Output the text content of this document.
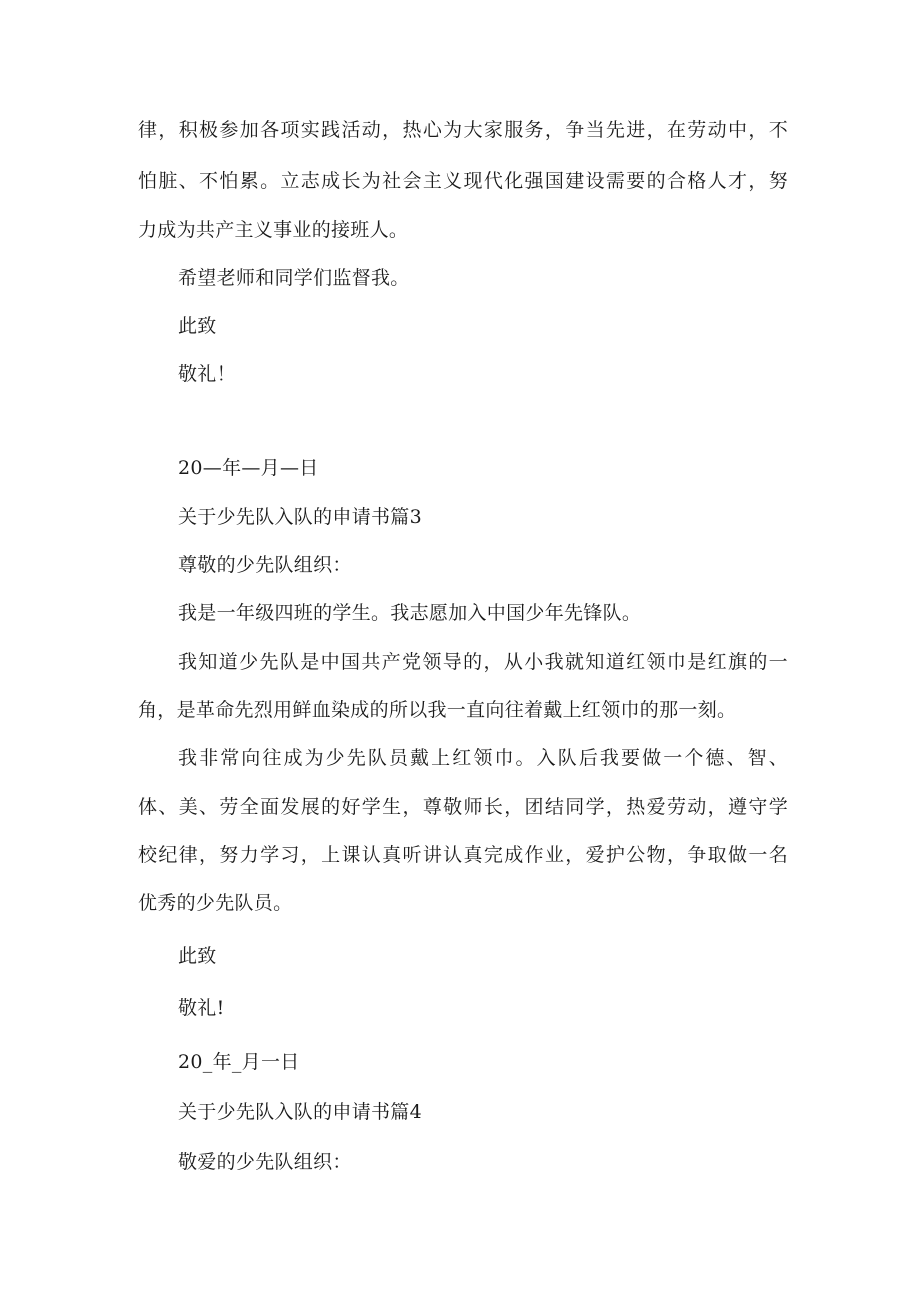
律，积极参加各项实践活动，热心为大家服务，争当先进，在劳动中，不
怕脏、不怕累。立志成长为社会主义现代化强国建设需要的合格人才，努
力成为共产主义事业的接班人。
希望老师和同学们监督我。
此致
敬礼！
20—年—月—日
关于少先队入队的申请书篇3
尊敬的少先队组织：
我是一年级四班的学生。我志愿加入中国少年先锋队。
我知道少先队是中国共产党领导的，从小我就知道红领巾是红旗的一
角，是革命先烈用鲜血染成的所以我一直向往着戴上红领巾的那一刻。
我非常向往成为少先队员戴上红领巾。入队后我要做一个德、智、
体、美、劳全面发展的好学生，尊敬师长，团结同学，热爱劳动，遵守学
校纪律，努力学习，上课认真听讲认真完成作业，爱护公物，争取做一名
优秀的少先队员。
此致
敬礼!
20_年_月一日
关于少先队入队的申请书篇4
敬爱的少先队组织：
